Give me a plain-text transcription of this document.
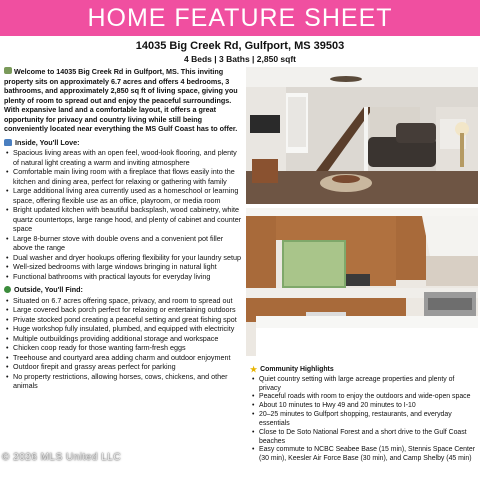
HOME FEATURE SHEET
14035 Big Creek Rd, Gulfport, MS 39503
4 Beds | 3 Baths | 2,850 sqft
Welcome to 14035 Big Creek Rd in Gulfport, MS. This inviting property sits on approximately 6.7 acres and offers 4 bedrooms, 3 bathrooms, and approximately 2,850 sq ft of living space, giving you plenty of room to spread out and enjoy the peaceful surroundings. With expansive land and a comfortable layout, it offers a great opportunity for privacy and country living while still being conveniently located near everything the MS Gulf Coast has to offer.
Inside, You'll Love:
• Spacious living areas with an open feel, wood-look flooring, and plenty of natural light creating a warm and inviting atmosphere
• Comfortable main living room with a fireplace that flows easily into the kitchen and dining area, perfect for relaxing or gathering with family
• Large additional living area currently used as a homeschool or learning space, offering flexible use as an office, playroom, or media room
• Bright updated kitchen with beautiful backsplash, wood cabinetry, white quartz countertops, large range hood, and plenty of cabinet and counter space
• Large 8-burner stove with double ovens and a convenient pot filler above the range
• Dual washer and dryer hookups offering flexibility for your laundry setup
• Well-sized bedrooms with large windows bringing in natural light
• Functional bathrooms with practical layouts for everyday living
Outside, You'll Find:
• Situated on 6.7 acres offering space, privacy, and room to spread out
• Large covered back porch perfect for relaxing or entertaining outdoors
• Private stocked pond creating a peaceful setting and great fishing spot
• Huge workshop fully insulated, plumbed, and equipped with electricity
• Multiple outbuildings providing additional storage and workspace
• Chicken coop ready for those wanting farm-fresh eggs
• Treehouse and courtyard area adding charm and outdoor enjoyment
• Outdoor firepit and grassy areas perfect for parking
• No property restrictions, allowing horses, cows, chickens, and other animals
★ Community Highlights
• Quiet country setting with large acreage properties and plenty of privacy
• Peaceful roads with room to enjoy the outdoors and wide-open space
• About 10 minutes to Hwy 49 and 20 minutes to I-10
• 20–25 minutes to Gulfport shopping, restaurants, and everyday essentials
• Close to De Soto National Forest and a short drive to the Gulf Coast beaches
• Easy commute to NCBC Seabee Base (15 min), Stennis Space Center (30 min), Keesler Air Force Base (30 min), and Camp Shelby (45 min)
© 2026 MLS United LLC
